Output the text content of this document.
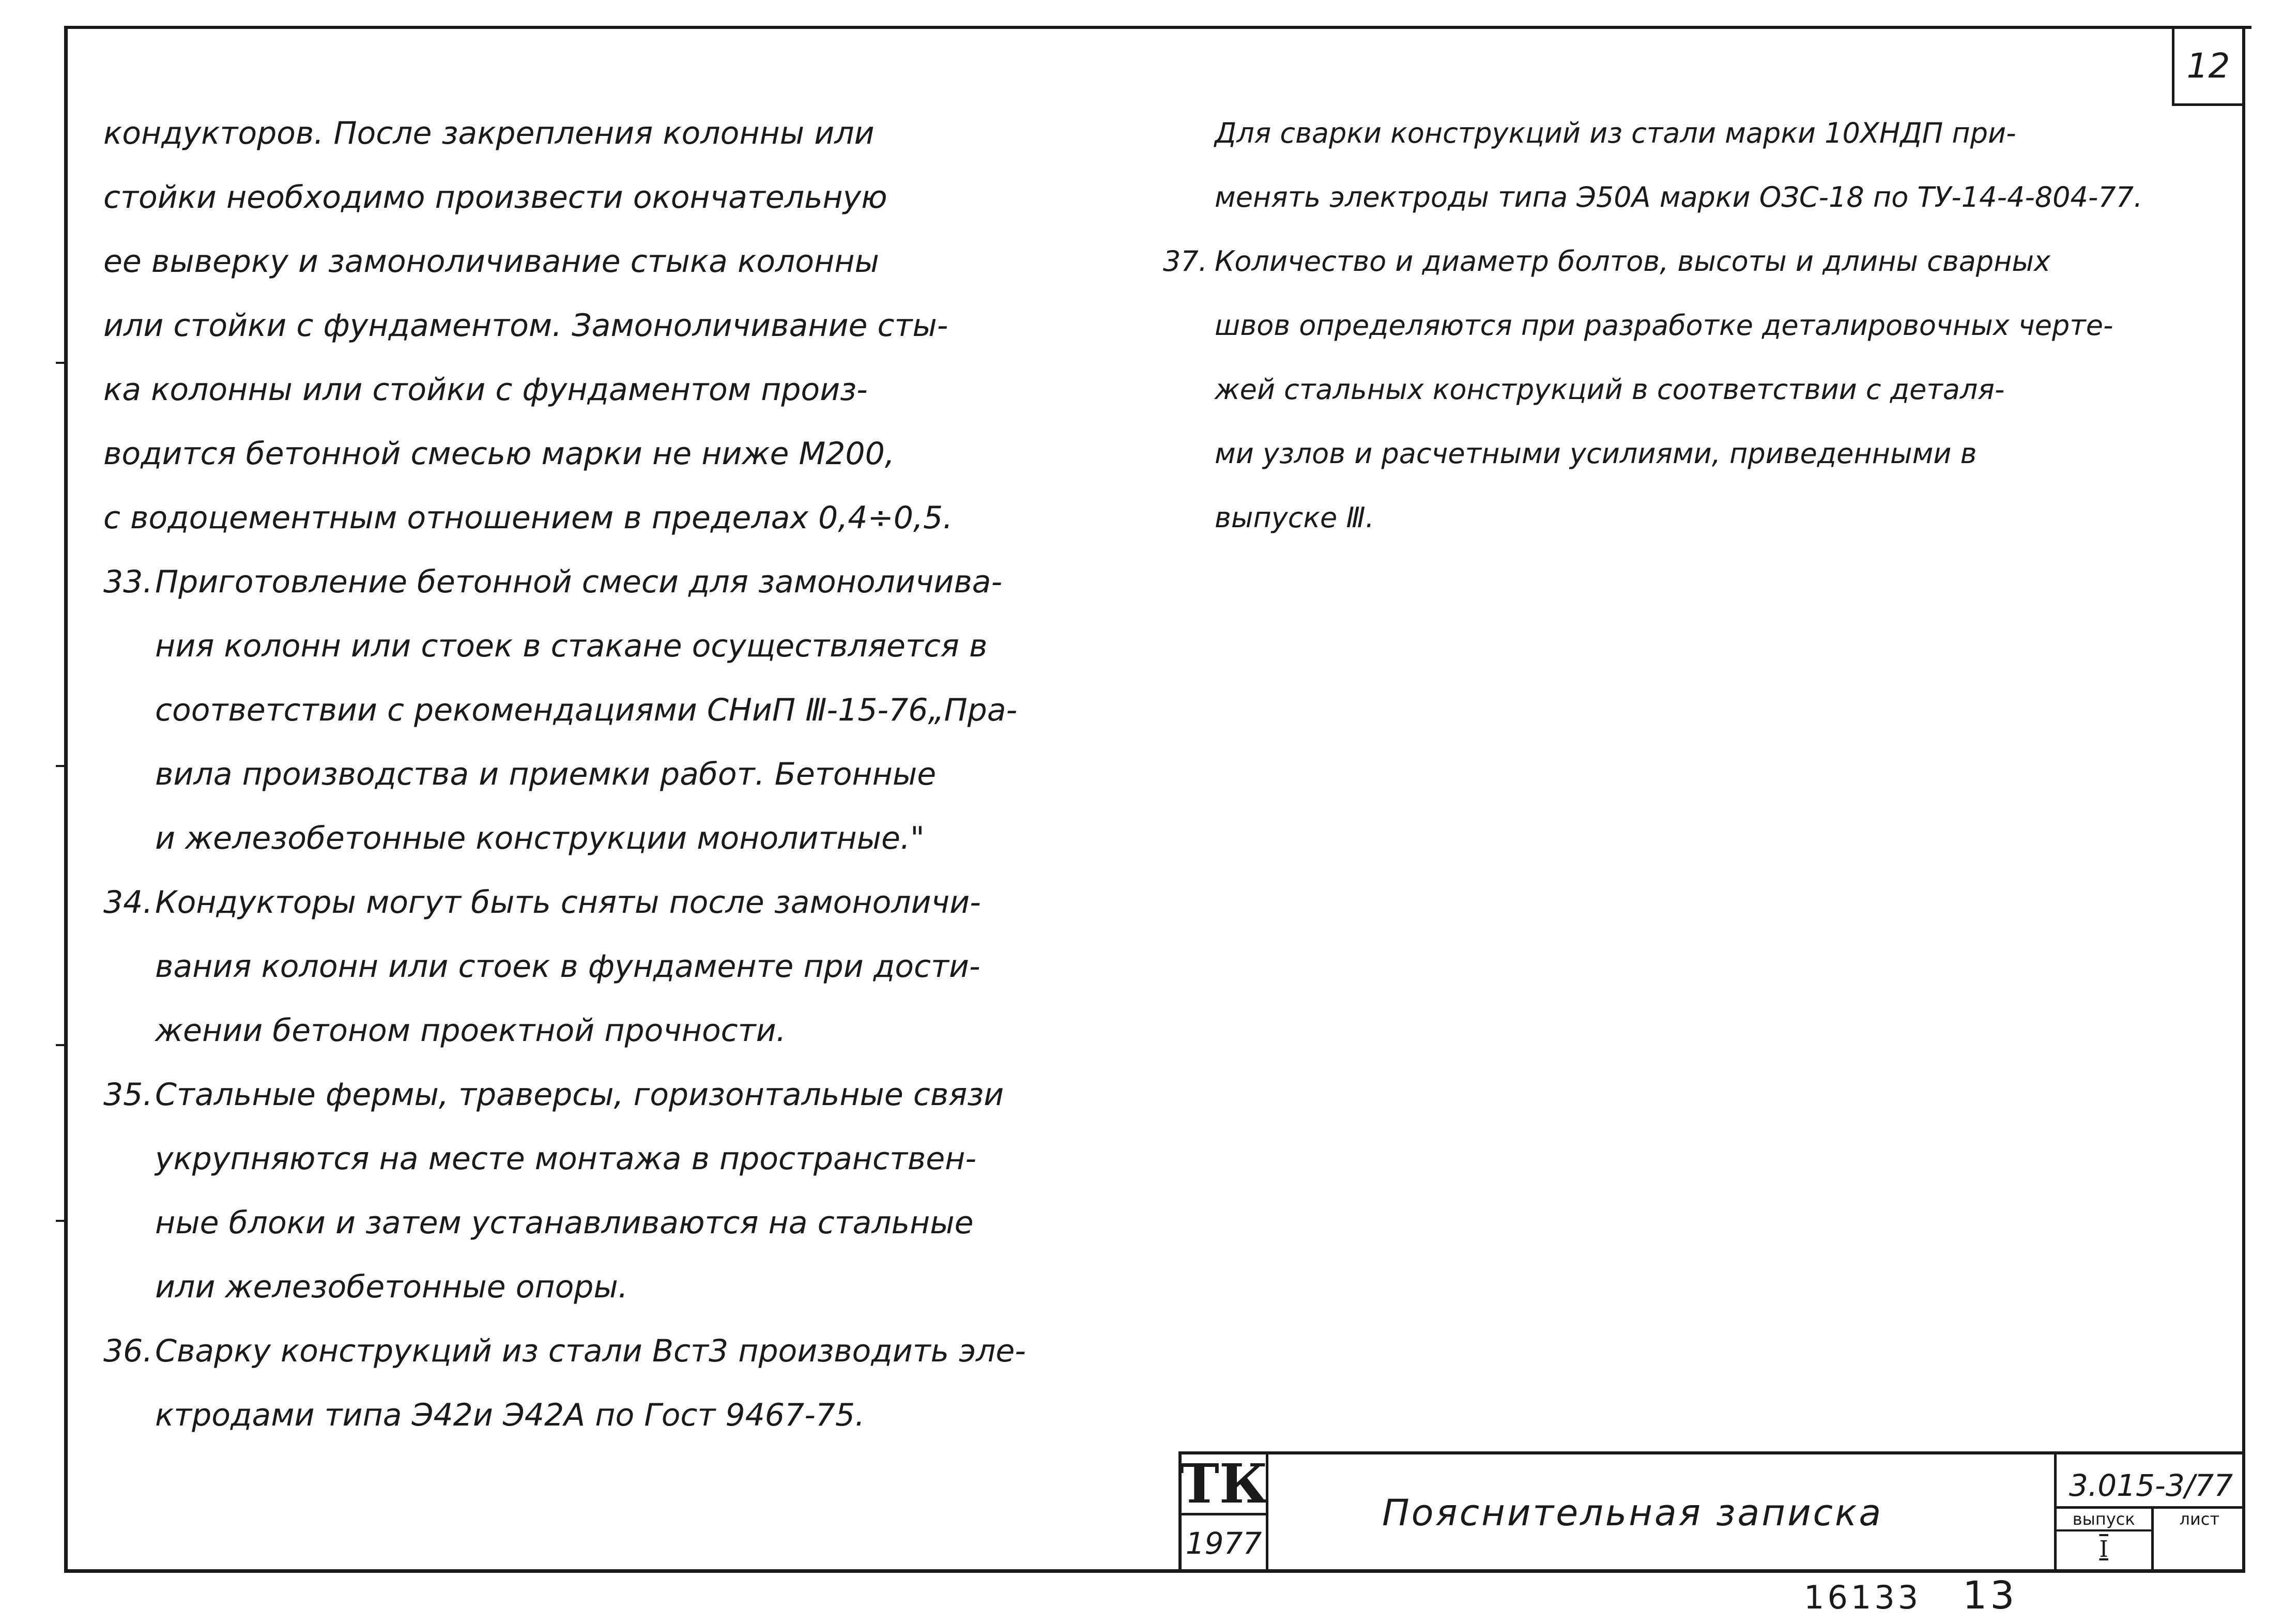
12
кондукторов. После закрепления колонны или
стойки необходимо произвести окончательную
ее выверку и замоноличивание стыка колонны
или стойки с фундаментом. Замоноличивание сты-
ка колонны или стойки с фундаментом произ-
водится бетонной смесью марки не ниже М200,
с водоцементным отношением в пределах 0,4÷0,5.
33.Приготовление бетонной смеси для замоноличива-
ния колонн или стоек в стакане осуществляется в
соответствии с рекомендациями СНиП Ⅲ-15-76„Пра-
вила производства и приемки работ. Бетонные
и железобетонные конструкции монолитные."
34.Кондукторы могут быть сняты после замоноличи-
вания колонн или стоек в фундаменте при дости-
жении бетоном проектной прочности.
35.Стальные фермы, траверсы, горизонтальные связи
укрупняются на месте монтажа в пространствен-
ные блоки и затем устанавливаются на стальные
или железобетонные опоры.
36.Сварку конструкций из стали Вст3 производить эле-
ктродами типа Э42и Э42А по Гост 9467-75.
Для сварки конструкций из стали марки 10ХНДП при-
менять электроды типа Э50А марки ОЗС-18 по ТУ-14-4-804-77.
37. Количество и диаметр болтов, высоты и длины сварных
швов определяются при разработке деталировочных черте-
жей стальных конструкций в соответствии с деталя-
ми узлов и расчетными усилиями, приведенными в
выпуске Ⅲ.
ТК
1977
Пояснительная записка
3.015-3/77
выпуск
I
лист
16133 13
